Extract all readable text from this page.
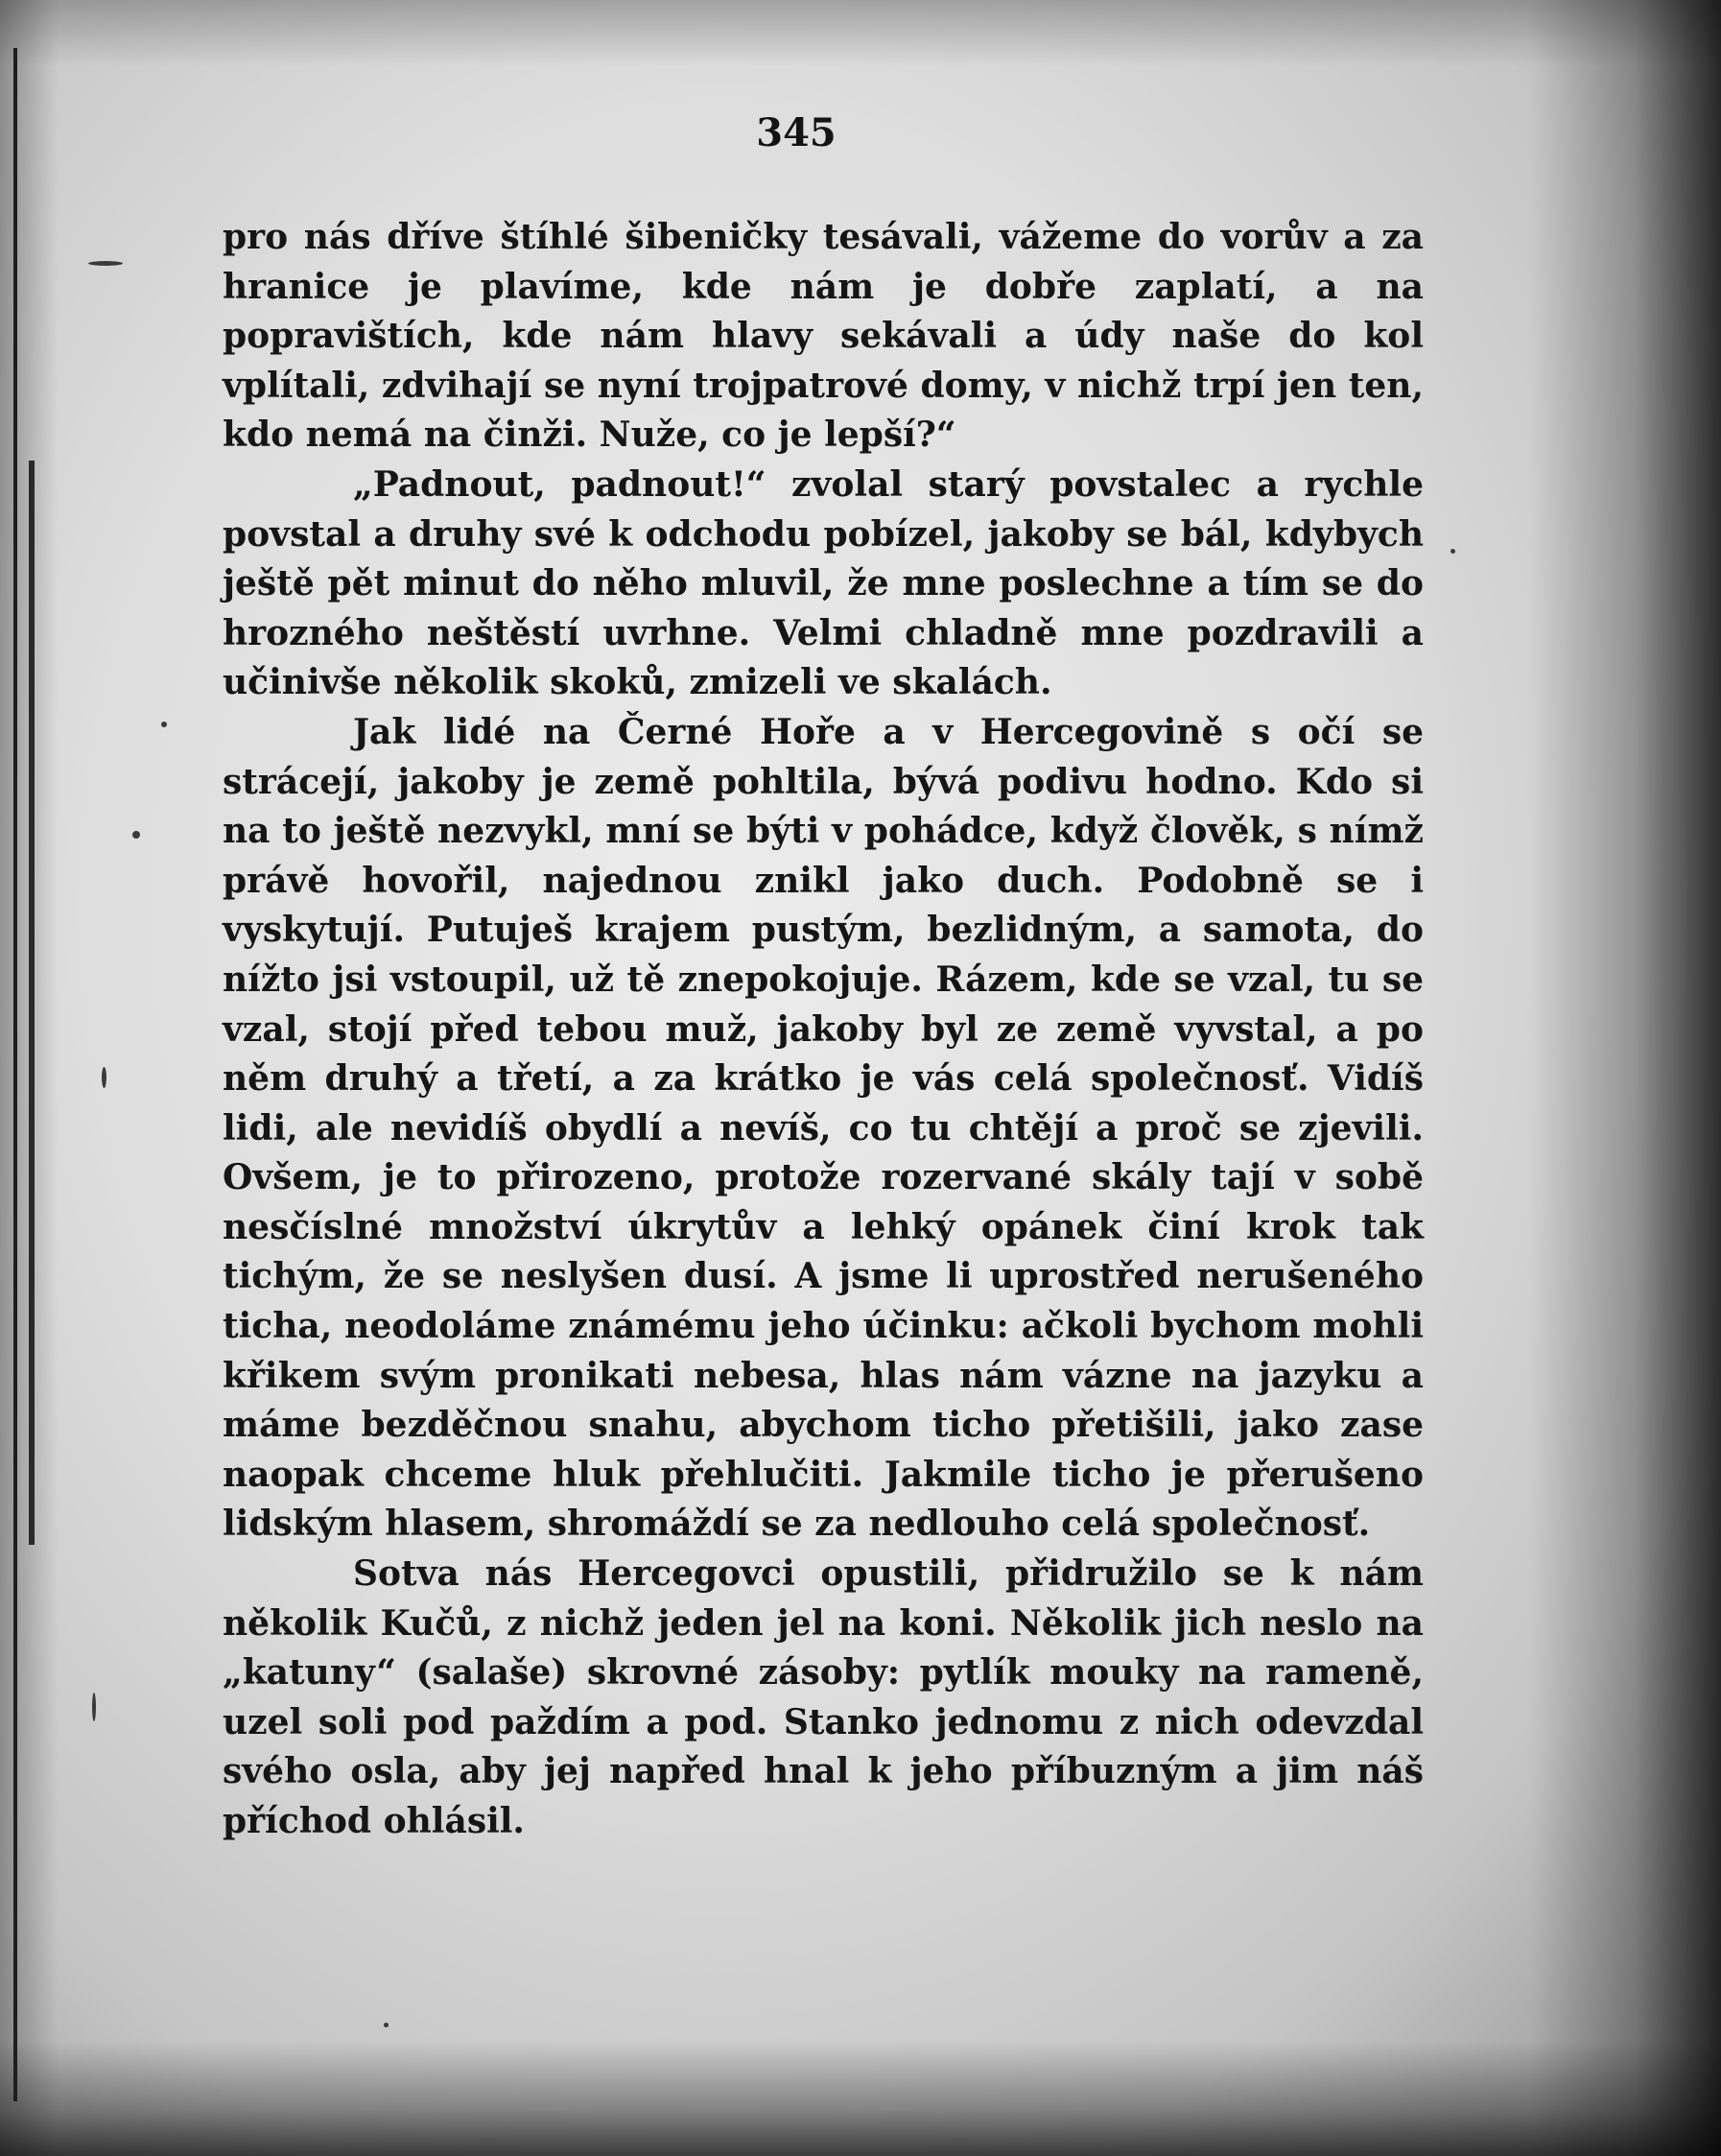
345

pro nás dříve štíhlé šibeničky tesávali, vážeme do vorův a za hranice je plavíme, kde nám je dobře zaplatí, a na popravištích, kde nám hlavy sekávali a údy naše do kol vplítali, zdvihají se nyní trojpatrové domy, v nichž trpí jen ten, kdo nemá na činži. Nuže, co je lepší?“

„Padnout, padnout!“ zvolal starý povstalec a rychle povstal a druhy své k odchodu pobízel, jakoby se bál, kdybych ještě pět minut do něho mluvil, že mne poslechne a tím se do hrozného neštěstí uvrhne. Velmi chladně mne pozdravili a učinivše několik skoků, zmizeli ve skalách.

Jak lidé na Černé Hoře a v Hercegovině s očí se strácejí, jakoby je země pohltila, bývá podivu hodno. Kdo si na to ještě nezvykl, mní se býti v pohádce, když člověk, s nímž právě hovořil, najednou znikl jako duch. Podobně se i vyskytují. Putuješ krajem pustým, bezlidným, a samota, do nížto jsi vstoupil, už tě znepokojuje. Rázem, kde se vzal, tu se vzal, stojí před tebou muž, jakoby byl ze země vyvstal, a po něm druhý a třetí, a za krátko je vás celá společnosť. Vidíš lidi, ale nevidíš obydlí a nevíš, co tu chtějí a proč se zjevili. Ovšem, je to přirozeno, protože rozervané skály tají v sobě nesčíslné množství úkrytův a lehký opánek činí krok tak tichým, že se neslyšen dusí. A jsme li uprostřed nerušeného ticha, neodoláme známému jeho účinku: ačkoli bychom mohli křikem svým pronikati nebesa, hlas nám vázne na jazyku a máme bezděčnou snahu, abychom ticho přetišili, jako zase naopak chceme hluk přehlučiti. Jakmile ticho je přerušeno lidským hlasem, shromáždí se za nedlouho celá společnosť.

Sotva nás Hercegovci opustili, přidružilo se k nám několik Kučů, z nichž jeden jel na koni. Několik jich neslo na „katuny“ (salaše) skrovné zásoby: pytlík mouky na rameně, uzel soli pod paždím a pod. Stanko jednomu z nich odevzdal svého osla, aby jej napřed hnal k jeho příbuzným a jim náš příchod ohlásil.
